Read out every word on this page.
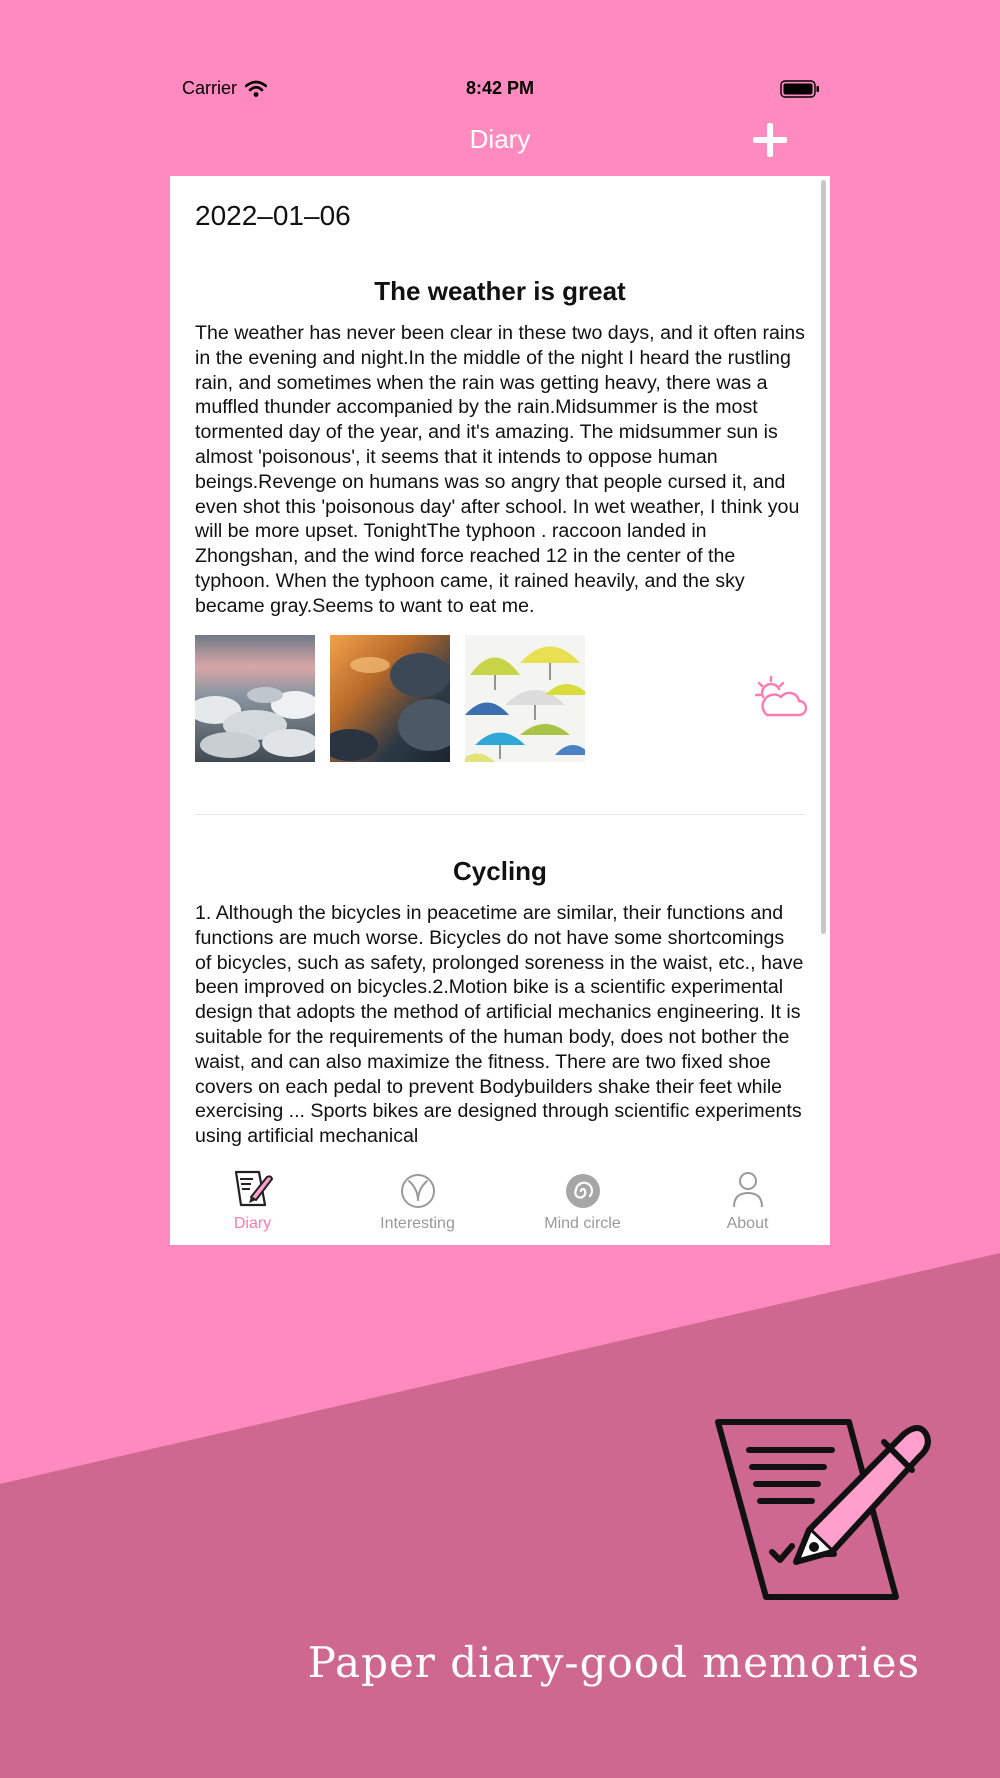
Carrier	8:42 PM
Diary
2022–01–06
The weather is great

The weather has never been clear in these two days, and it often rains in the evening and night.In the middle of the night I heard the rustling rain, and sometimes when the rain was getting heavy, there was a muffled thunder accompanied by the rain.Midsummer is the most tormented day of the year, and it's amazing. The midsummer sun is almost 'poisonous', it seems that it intends to oppose human beings.Revenge on humans was so angry that people cursed it, and even shot this 'poisonous day' after school. In wet weather, I think you will be more upset. TonightThe typhoon . raccoon landed in Zhongshan, and the wind force reached 12 in the center of the typhoon. When the typhoon came, it rained heavily, and the sky became gray.Seems to want to eat me.

Cycling

1. Although the bicycles in peacetime are similar, their functions and functions are much worse. Bicycles do not have some shortcomings of bicycles, such as safety, prolonged soreness in the waist, etc., have been improved on bicycles.2.Motion bike is a scientific experimental design that adopts the method of artificial mechanics engineering. It is suitable for the requirements of the human body, does not bother the waist, and can also maximize the fitness. There are two fixed shoe covers on each pedal to prevent Bodybuilders shake their feet while exercising ... Sports bikes are designed through scientific experiments using artificial mechanical

Diary	Interesting	Mind circle	About
Paper diary-good memories
